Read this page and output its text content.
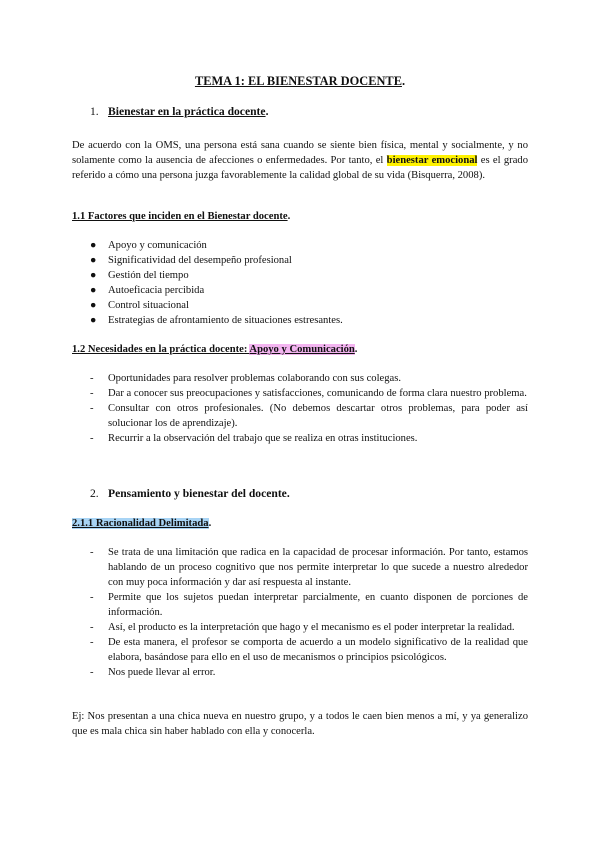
TEMA 1: EL BIENESTAR DOCENTE.
1. Bienestar en la práctica docente.
De acuerdo con la OMS, una persona está sana cuando se siente bien física, mental y socialmente, y no solamente como la ausencia de afecciones o enfermedades. Por tanto, el bienestar emocional es el grado referido a cómo una persona juzga favorablemente la calidad global de su vida (Bisquerra, 2008).
1.1 Factores que inciden en el Bienestar docente.
● Apoyo y comunicación
● Significatividad del desempeño profesional
● Gestión del tiempo
● Autoeficacia percibida
● Control situacional
● Estrategias de afrontamiento de situaciones estresantes.
1.2 Necesidades en la práctica docente: Apoyo y Comunicación.
- Oportunidades para resolver problemas colaborando con sus colegas.
- Dar a conocer sus preocupaciones y satisfacciones, comunicando de forma clara nuestro problema.
- Consultar con otros profesionales. (No debemos descartar otros problemas, para poder así solucionar los de aprendizaje).
- Recurrir a la observación del trabajo que se realiza en otras instituciones.
2. Pensamiento y bienestar del docente.
2.1.1 Racionalidad Delimitada.
- Se trata de una limitación que radica en la capacidad de procesar información. Por tanto, estamos hablando de un proceso cognitivo que nos permite interpretar lo que sucede a nuestro alrededor con muy poca información y dar así respuesta al instante.
- Permite que los sujetos puedan interpretar parcialmente, en cuanto disponen de porciones de información.
- Así, el producto es la interpretación que hago y el mecanismo es el poder interpretar la realidad.
- De esta manera, el profesor se comporta de acuerdo a un modelo significativo de la realidad que elabora, basándose para ello en el uso de mecanismos o principios psicológicos.
- Nos puede llevar al error.
Ej: Nos presentan a una chica nueva en nuestro grupo, y a todos le caen bien menos a mí, y ya generalizo que es mala chica sin haber hablado con ella y conocerla.
